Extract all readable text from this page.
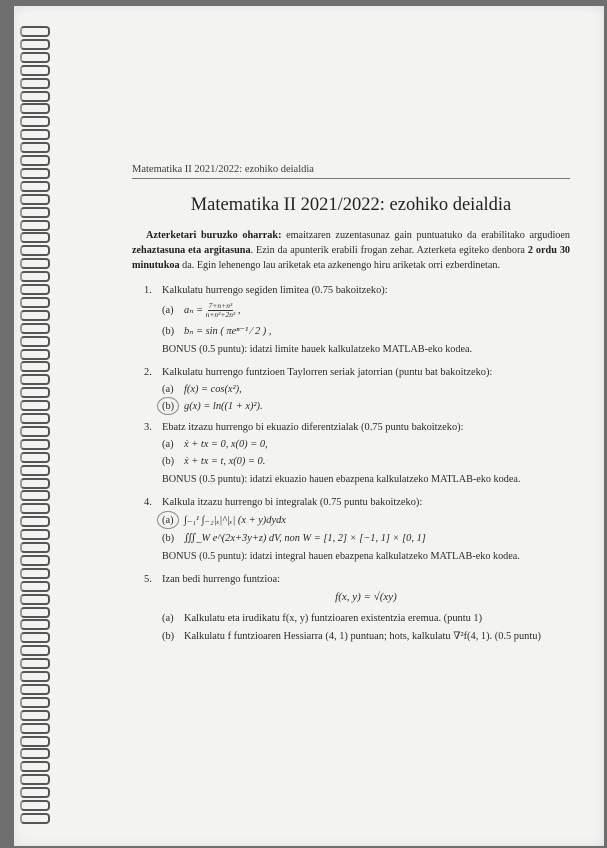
Matematika II 2021/2022: ezohiko deialdia
Matematika II 2021/2022: ezohiko deialdia
Azterketari buruzko oharrak: emaitzaren zuzentasunaz gain puntuatuko da erabilitako argudioen zehaztasuna eta argitasuna. Ezin da apunterik erabili frogan zehar. Azterketa egiteko denbora 2 ordu 30 minutukoa da. Egin lehenengo lau ariketak eta azkenengo hiru ariketak orri ezberdinetan.
1. Kalkulatu hurrengo segiden limitea (0.75 bakoitzeko):
(a) $a_n = \frac{\text{7+n+n³}}{\text{n+n²+2n³}}$ ,
(b) bₙ = sin ( πeⁿ⁻¹ ⁄ 2 ) ,
BONUS (0.5 puntu): idatzi limite hauek kalkulatzeko MATLAB-eko kodea.
2. Kalkulatu hurrengo funtzioen Taylorren seriak jatorrian (puntu bat bakoitzeko):
(a) f(x) = cos(x²),
(b) g(x) = ln((1 + x)²).
3. Ebatz itzazu hurrengo bi ekuazio diferentzialak (0.75 puntu bakoitzeko):
(a) ẋ + tx = 0, x(0) = 0,
(b) ẋ + tx = t, x(0) = 0.
BONUS (0.5 puntu): idatzi ekuazio hauen ebazpena kalkulatzeko MATLAB-eko kodea.
4. Kalkula itzazu hurrengo bi integralak (0.75 puntu bakoitzeko):
(a) ∫₋₁¹ ∫₋₂|ₓ|^|ₓ| (x + y)dydx
(b) ∭_W e^(2x+3y+z) dV, non W = [1, 2] × [−1, 1] × [0, 1]
BONUS (0.5 puntu): idatzi integral hauen ebazpena kalkulatzeko MATLAB-eko kodea.
5. Izan bedi hurrengo funtzioa:
f(x, y) = √(xy)
(a) Kalkulatu eta irudikatu f(x, y) funtzioaren existentzia eremua. (puntu 1)
(b) Kalkulatu f funtzioaren Hessiarra (4, 1) puntuan; hots, kalkulatu ∇²f(4, 1). (0.5 puntu)
